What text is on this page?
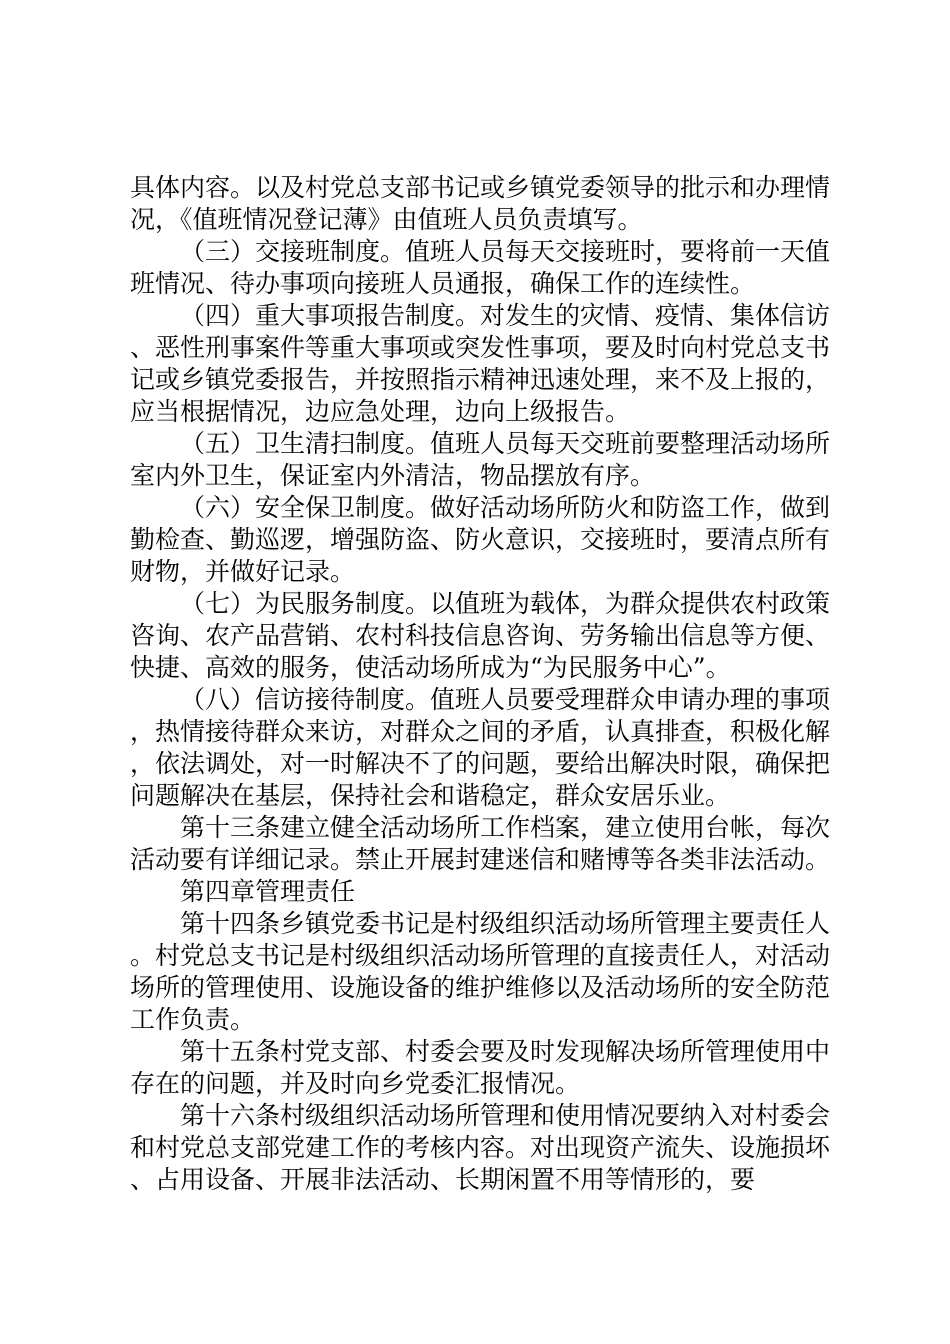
具体内容。以及村党总支部书记或乡镇党委领导的批示和办理情况，《值班情况登记薄》由值班人员负责填写。

（三）交接班制度。值班人员每天交接班时，要将前一天值班情况、待办事项向接班人员通报，确保工作的连续性。

（四）重大事项报告制度。对发生的灾情、疫情、集体信访、恶性刑事案件等重大事项或突发性事项，要及时向村党总支书记或乡镇党委报告，并按照指示精神迅速处理，来不及上报的，应当根据情况，边应急处理，边向上级报告。

（五）卫生清扫制度。值班人员每天交班前要整理活动场所室内外卫生，保证室内外清洁，物品摆放有序。

（六）安全保卫制度。做好活动场所防火和防盗工作，做到勤检查、勤巡逻，增强防盗、防火意识，交接班时，要清点所有财物，并做好记录。

（七）为民服务制度。以值班为载体，为群众提供农村政策咨询、农产品营销、农村科技信息咨询、劳务输出信息等方便、快捷、高效的服务，使活动场所成为“为民服务中心”。

（八）信访接待制度。值班人员要受理群众申请办理的事项，热情接待群众来访，对群众之间的矛盾，认真排查，积极化解，依法调处，对一时解决不了的问题，要给出解决时限，确保把问题解决在基层，保持社会和谐稳定，群众安居乐业。

第十三条建立健全活动场所工作档案，建立使用台帐，每次活动要有详细记录。禁止开展封建迷信和赌博等各类非法活动。

第四章管理责任

第十四条乡镇党委书记是村级组织活动场所管理主要责任人。村党总支书记是村级组织活动场所管理的直接责任人，对活动场所的管理使用、设施设备的维护维修以及活动场所的安全防范工作负责。

第十五条村党支部、村委会要及时发现解决场所管理使用中存在的问题，并及时向乡党委汇报情况。

第十六条村级组织活动场所管理和使用情况要纳入对村委会和村党总支部党建工作的考核内容。对出现资产流失、设施损坏、占用设备、开展非法活动、长期闲置不用等情形的，要
